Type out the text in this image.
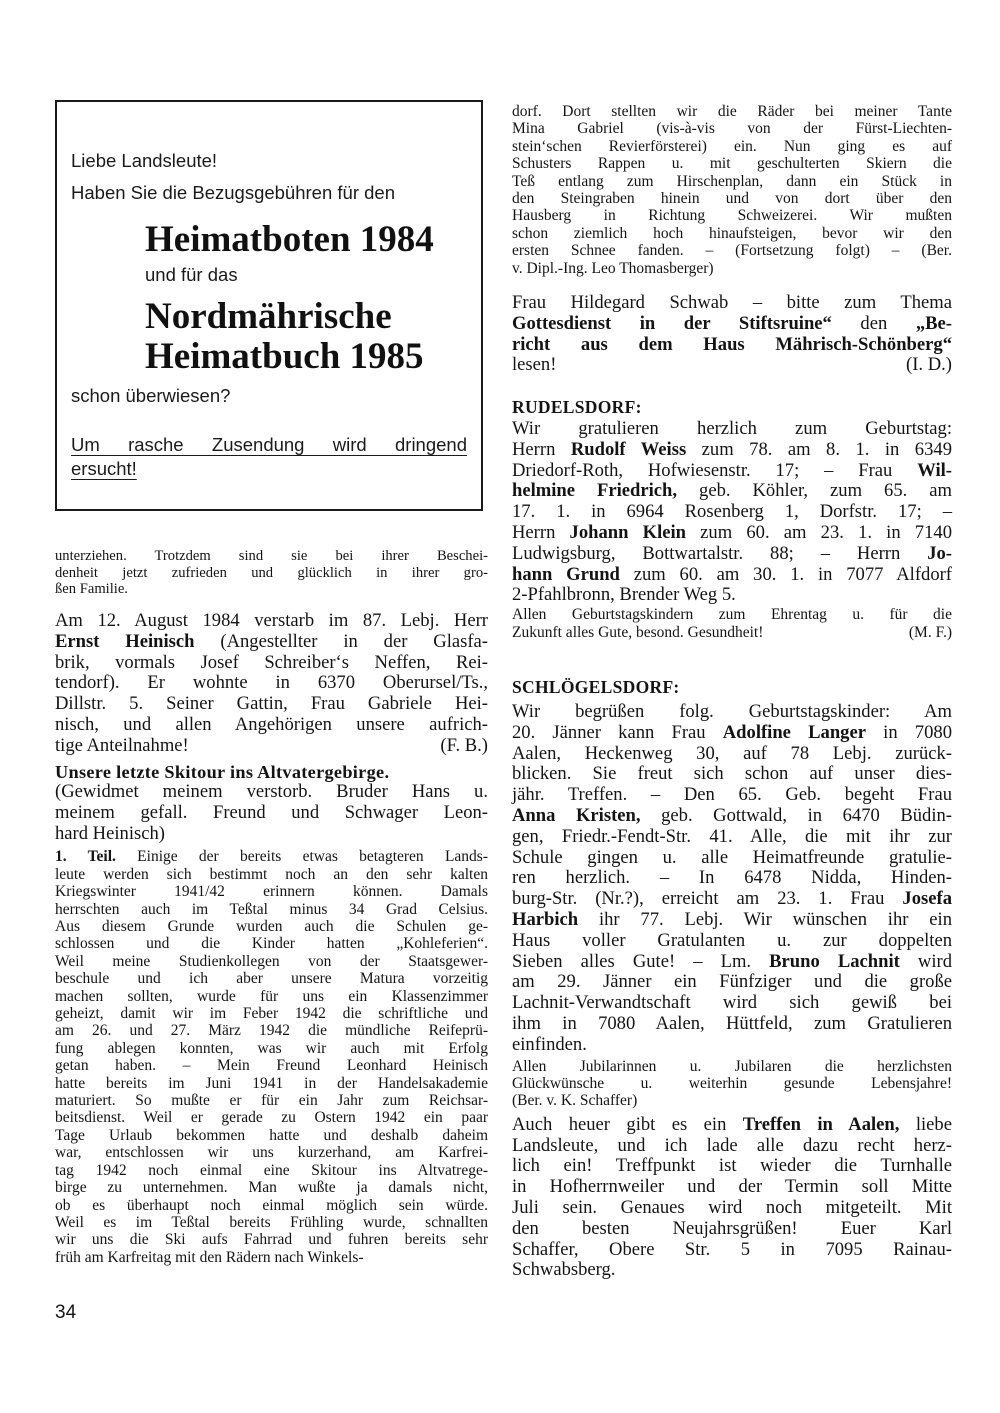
Liebe Landsleute!
Haben Sie die Bezugsgebühren für den
Heimatboten 1984
und für das
Nordmährische
Heimatbuch 1985
schon überwiesen?
Um rasche Zusendung wird dringend
ersucht!

unterziehen. Trotzdem sind sie bei ihrer Beschei-

denheit jetzt zufrieden und glücklich in ihrer gro-

ßen Familie.

Am 12. August 1984 verstarb im 87. Lebj. Herr

Ernst Heinisch (Angestellter in der Glasfa-

brik, vormals Josef Schreiber‘s Neffen, Rei-

tendorf). Er wohnte in 6370 Oberursel/Ts.,

Dillstr. 5. Seiner Gattin, Frau Gabriele Hei-

nisch, und allen Angehörigen unsere aufrich-

tige Anteilnahme!	(F. B.)

Unsere letzte Skitour ins Altvatergebirge.

(Gewidmet meinem verstorb. Bruder Hans u.

meinem gefall. Freund und Schwager Leon-

hard Heinisch)

1. Teil. Einige der bereits etwas betagteren Lands-

leute werden sich bestimmt noch an den sehr kalten

Kriegswinter 1941/42 erinnern können. Damals

herrschten auch im Teßtal minus 34 Grad Celsius.

Aus diesem Grunde wurden auch die Schulen ge-

schlossen und die Kinder hatten „Kohleferien“.

Weil meine Studienkollegen von der Staatsgewer-

beschule und ich aber unsere Matura vorzeitig

machen sollten, wurde für uns ein Klassenzimmer

geheizt, damit wir im Feber 1942 die schriftliche und

am 26. und 27. März 1942 die mündliche Reifeprü-

fung ablegen konnten, was wir auch mit Erfolg

getan haben. – Mein Freund Leonhard Heinisch

hatte bereits im Juni 1941 in der Handelsakademie

maturiert. So mußte er für ein Jahr zum Reichsar-

beitsdienst. Weil er gerade zu Ostern 1942 ein paar

Tage Urlaub bekommen hatte und deshalb daheim

war, entschlossen wir uns kurzerhand, am Karfrei-

tag 1942 noch einmal eine Skitour ins Altvatrege-

birge zu unternehmen. Man wußte ja damals nicht,

ob es überhaupt noch einmal möglich sein würde.

Weil es im Teßtal bereits Frühling wurde, schnallten

wir uns die Ski aufs Fahrrad und fuhren bereits sehr

früh am Karfreitag mit den Rädern nach Winkels-

34

dorf. Dort stellten wir die Räder bei meiner Tante

Mina Gabriel (vis-à-vis von der Fürst-Liechten-

stein‘schen Revierförsterei) ein. Nun ging es auf

Schusters Rappen u. mit geschulterten Skiern die

Teß entlang zum Hirschenplan, dann ein Stück in

den Steingraben hinein und von dort über den

Hausberg in Richtung Schweizerei. Wir mußten

schon ziemlich hoch hinaufsteigen, bevor wir den

ersten Schnee fanden. – (Fortsetzung folgt) – (Ber.

v. Dipl.-Ing. Leo Thomasberger)

Frau Hildegard Schwab – bitte zum Thema

Gottesdienst in der Stiftsruine“ den „Be-

richt aus dem Haus Mährisch-Schönberg“

lesen!	(I. D.)

RUDELSDORF:

Wir gratulieren herzlich zum Geburtstag:

Herrn Rudolf Weiss zum 78. am 8. 1. in 6349

Driedorf-Roth, Hofwiesenstr. 17; – Frau Wil-

helmine Friedrich, geb. Köhler, zum 65. am

17. 1. in 6964 Rosenberg 1, Dorfstr. 17; –

Herrn Johann Klein zum 60. am 23. 1. in 7140

Ludwigsburg, Bottwartalstr. 88; – Herrn Jo-

hann Grund zum 60. am 30. 1. in 7077 Alfdorf

2-Pfahlbronn, Brender Weg 5.

Allen Geburtstagskindern zum Ehrentag u. für die

Zukunft alles Gute, besond. Gesundheit!	(M. F.)

SCHLÖGELSDORF:

Wir begrüßen folg. Geburtstagskinder: Am

20. Jänner kann Frau Adolfine Langer in 7080

Aalen, Heckenweg 30, auf 78 Lebj. zurück-

blicken. Sie freut sich schon auf unser dies-

jähr. Treffen. – Den 65. Geb. begeht Frau

Anna Kristen, geb. Gottwald, in 6470 Büdin-

gen, Friedr.-Fendt-Str. 41. Alle, die mit ihr zur

Schule gingen u. alle Heimatfreunde gratulie-

ren herzlich. – In 6478 Nidda, Hinden-

burg-Str. (Nr.?), erreicht am 23. 1. Frau Josefa

Harbich ihr 77. Lebj. Wir wünschen ihr ein

Haus voller Gratulanten u. zur doppelten

Sieben alles Gute! – Lm. Bruno Lachnit wird

am 29. Jänner ein Fünfziger und die große

Lachnit-Verwandtschaft wird sich gewiß bei

ihm in 7080 Aalen, Hüttfeld, zum Gratulieren

einfinden.

Allen Jubilarinnen u. Jubilaren die herzlichsten

Glückwünsche u. weiterhin gesunde Lebensjahre!

(Ber. v. K. Schaffer)

Auch heuer gibt es ein Treffen in Aalen, liebe

Landsleute, und ich lade alle dazu recht herz-

lich ein! Treffpunkt ist wieder die Turnhalle

in Hofherrnweiler und der Termin soll Mitte

Juli sein. Genaues wird noch mitgeteilt. Mit

den besten Neujahrsgrüßen! Euer Karl

Schaffer, Obere Str. 5 in 7095 Rainau-

Schwabsberg.
